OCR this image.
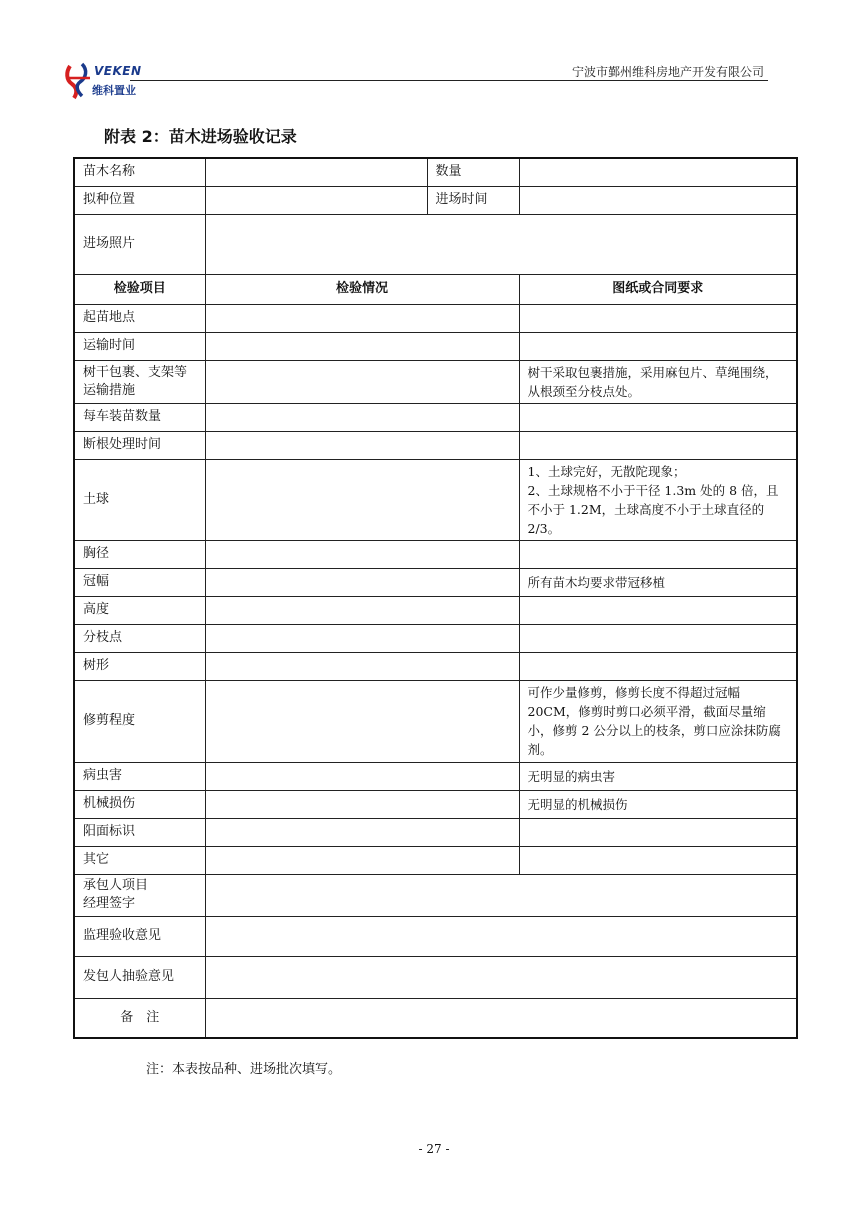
VEKEN
维科置业
宁波市鄞州维科房地产开发有限公司
附表 2：苗木进场验收记录
苗木名称		数量	
拟种位置		进场时间	
进场照片			
检验项目	检验情况		图纸或合同要求
起苗地点			
运输时间			
树干包裹、支架等运输措施			树干采取包裹措施，采用麻包片、草绳围绕，从根颈至分枝点处。
每车装苗数量			
断根处理时间			
土球			1、土球完好，无散陀现象；
2、土球规格不小于干径 1.3m 处的 8 倍，且不小于 1.2M，土球高度不小于土球直径的 2/3。
胸径			
冠幅			所有苗木均要求带冠移植
高度			
分枝点			
树形			
修剪程度			可作少量修剪，修剪长度不得超过冠幅 20CM，修剪时剪口必须平滑，截面尽量缩小，修剪 2 公分以上的枝条，剪口应涂抹防腐剂。
病虫害			无明显的病虫害
机械损伤			无明显的机械损伤
阳面标识			
其它			
承包人项目
经理签字			
监理验收意见			
发包人抽验意见			
备　注			
注：本表按品种、进场批次填写。
- 27 -
